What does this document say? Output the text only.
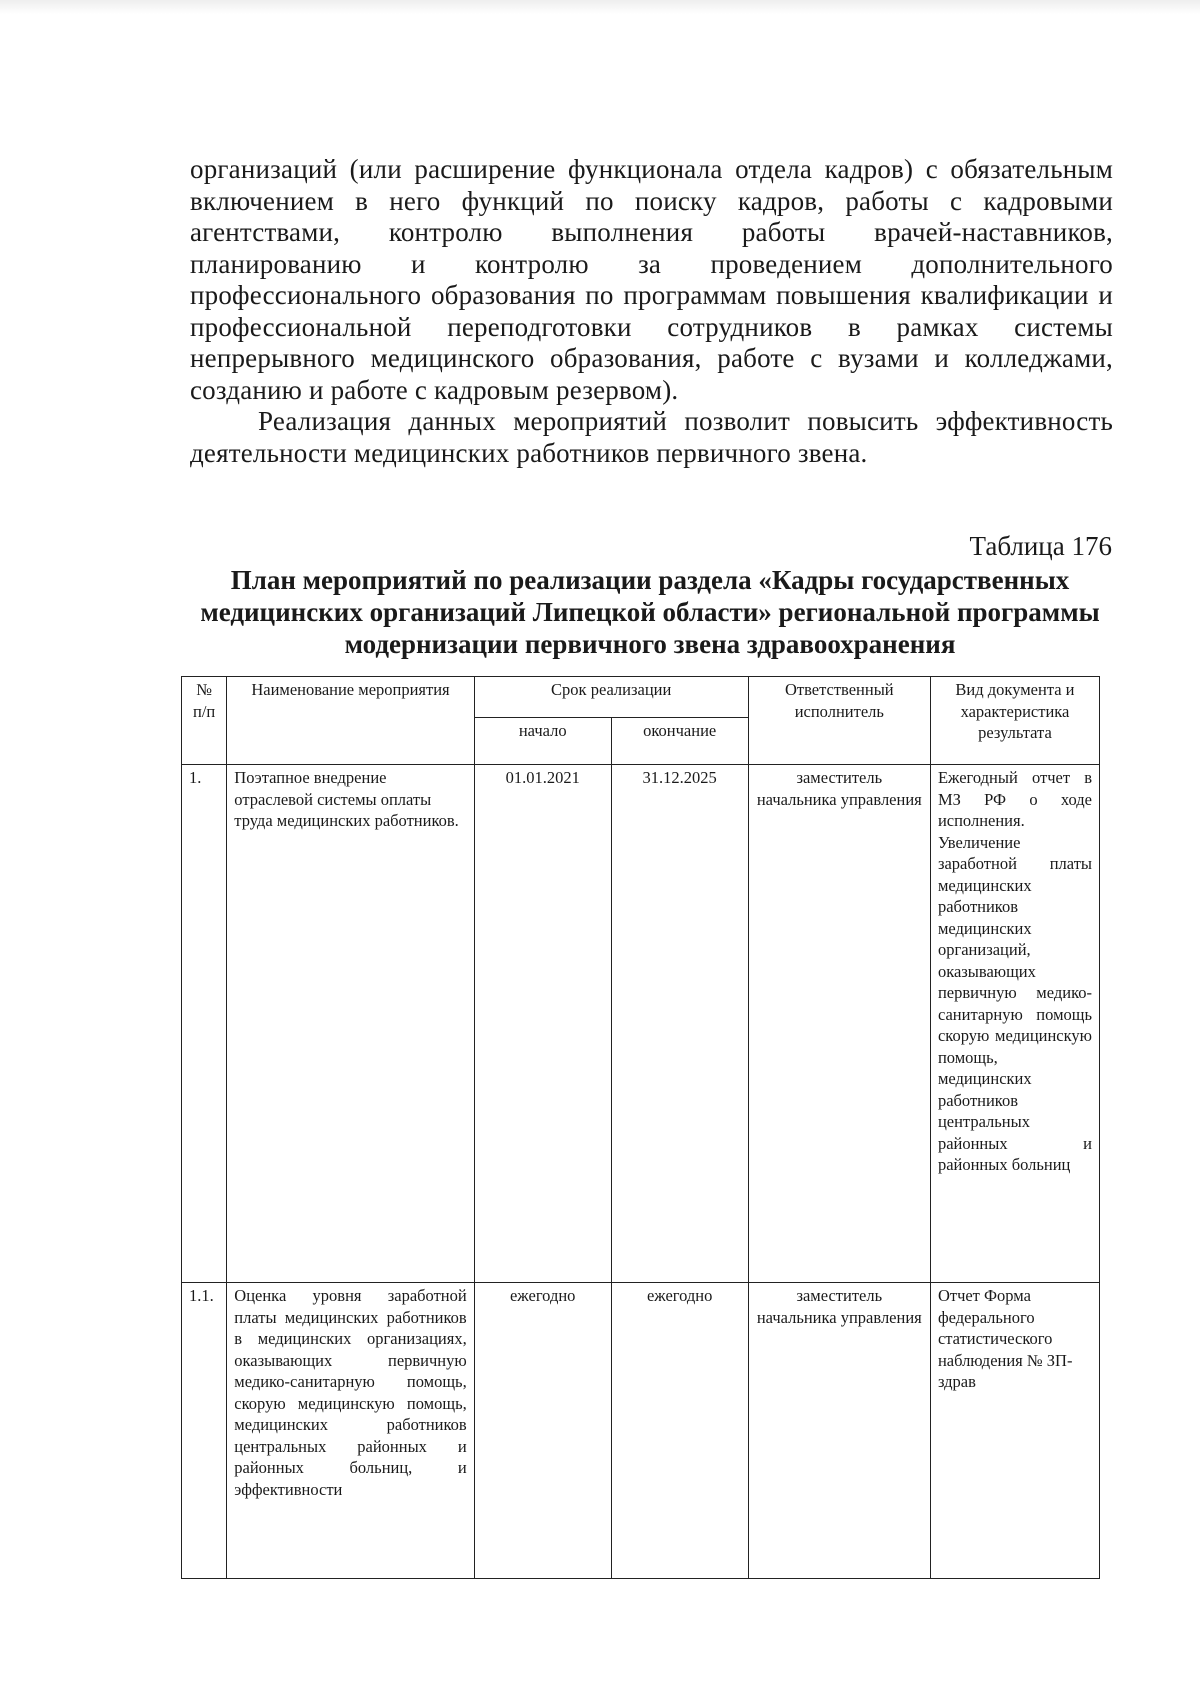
организаций (или расширение функционала отдела кадров) с обязательным включением в него функций по поиску кадров, работы с кадровыми агентствами, контролю выполнения работы врачей-наставников, планированию и контролю за проведением дополнительного профессионального образования по программам повышения квалификации и профессиональной переподготовки сотрудников в рамках системы непрерывного медицинского образования, работе с вузами и колледжами, созданию и работе с кадровым резервом).

Реализация данных мероприятий позволит повысить эффективность деятельности медицинских работников первичного звена.

Таблица 176

План мероприятий по реализации раздела «Кадры государственных медицинских организаций Липецкой области» региональной программы модернизации первичного звена здравоохранения

№ п/п	Наименование мероприятия	Срок реализации		Ответственный исполнитель	Вид документа и характеристика результата
		начало	окончание		
1.	Поэтапное внедрение отраслевой системы оплаты труда медицинских работников.	01.01.2021	31.12.2025	заместитель начальника управления	Ежегодный отчет в МЗ РФ о ходе исполнения. Увеличение заработной платы медицинских работников медицинских организаций, оказывающих первичную медико-санитарную помощь скорую медицинскую помощь, медицинских работников центральных районных и районных больниц
1.1.	Оценка уровня заработной платы медицинских работников в медицинских организациях, оказывающих первичную медико-санитарную помощь, скорую медицинскую помощь, медицинских работников центральных районных и районных больниц, и эффективности	ежегодно	ежегодно	заместитель начальника управления	Отчет Форма федерального статистического наблюдения № ЗП-здрав
